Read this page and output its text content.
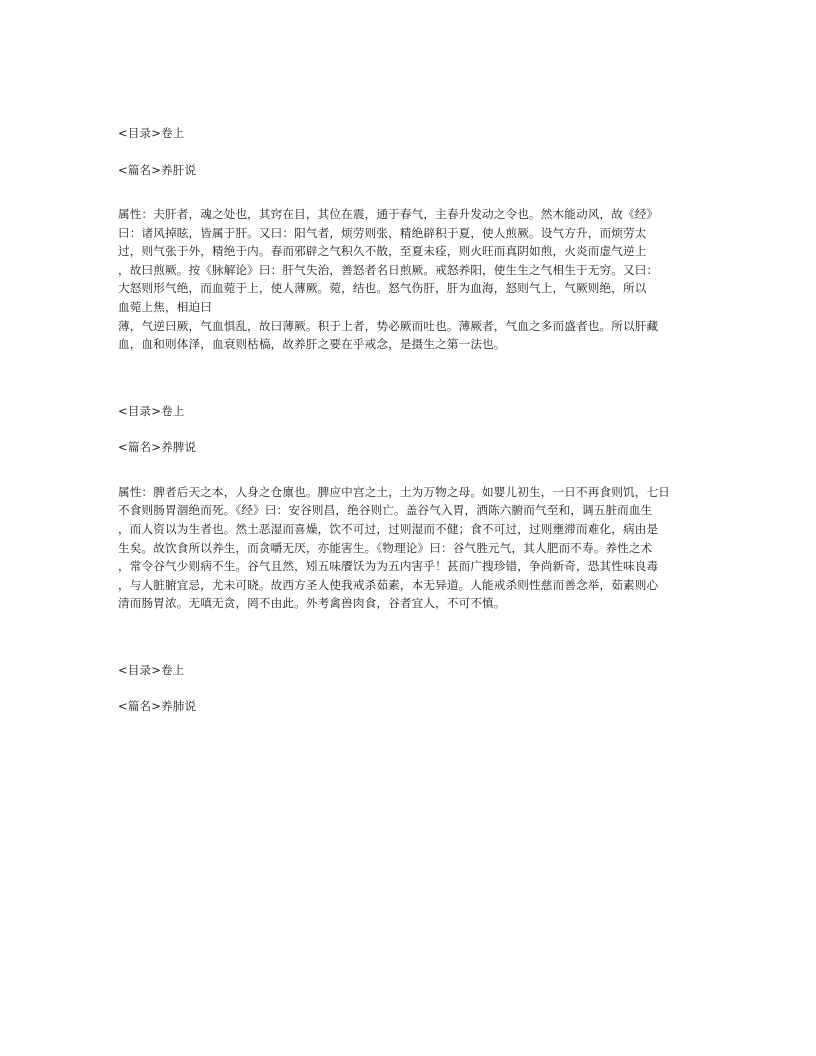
<目录>卷上
<篇名>养肝说
属性：夫肝者，魂之处也，其窍在目，其位在震，通于春气，主春升发动之令也。然木能动风，故《经》
曰：诸风掉眩，皆属于肝。又曰：阳气者，烦劳则张，精绝辟积于夏，使人煎厥。设气方升，而烦劳太
过，则气张于外，精绝于内。春而邪辟之气积久不散，至夏未痊，则火旺而真阴如煎，火炎而虚气逆上
，故曰煎厥。按《脉解论》曰：肝气失治，善怒者名日煎厥。戒怒养阳，使生生之气相生于无穷。又曰：
大怒则形气绝，而血菀于上，使人薄厥。菀，结也。怒气伤肝，肝为血海，怒则气上，气厥则绝，所以
血菀上焦，相迫曰
薄，气逆曰厥，气血惧乱，故曰薄厥。积于上者，势必厥而吐也。薄厥者，气血之多而盛者也。所以肝藏
血，血和则体泽，血衰则枯槁，故养肝之要在乎戒念，是摄生之第一法也。
<目录>卷上
<篇名>养脾说
属性：脾者后天之本，人身之仓廪也。脾应中宫之土，土为万物之母。如婴儿初生，一日不再食则饥，七日
不食则肠胃涸绝而死。《经》曰：安谷则昌，绝谷则亡。盖谷气入胃，洒陈六腑而气至和，调五脏而血生
，而人资以为生者也。然土恶湿而喜燥，饮不可过，过则湿而不健；食不可过，过则壅滞而难化，病由是
生矣。故饮食所以养生，而贪嚼无厌，亦能害生。《物理论》曰：谷气胜元气，其人肥而不寿。养性之术
，常令谷气少则病不生。谷气且然，矧五味餍饫为为五内害乎！甚而广搜珍错，争尚新奇，恐其性味良毒
，与人脏腑宜忌，尤未可晓。故西方圣人使我戒杀茹素，本无异道。人能戒杀则性慈而善念举，茹素则心
清而肠胃浓。无嗔无贪，罔不由此。外考禽兽肉食，谷者宜人，不可不慎。
<目录>卷上
<篇名>养肺说
